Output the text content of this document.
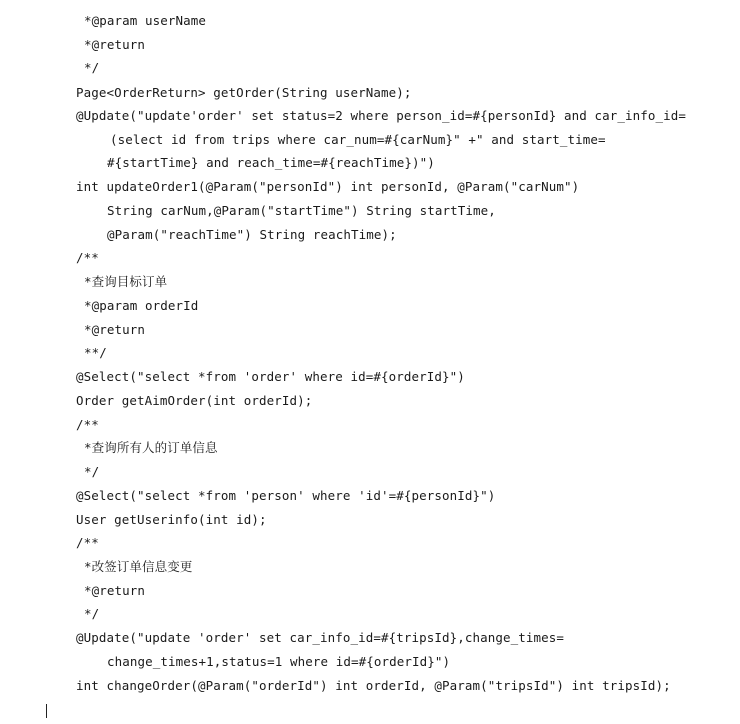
*@param userName
*@return
*/
Page<OrderReturn> getOrder(String userName);
@Update("update'order' set status=2 where person_id=#{personId} and car_info_id=
(select id from trips where car_num=#{carNum}" +" and start_time=
#{startTime} and reach_time=#{reachTime})")
int updateOrder1(@Param("personId") int personId, @Param("carNum")
String carNum,@Param("startTime") String startTime,
@Param("reachTime") String reachTime);
/**
*查询目标订单
*@param orderId
*@return
**/
@Select("select *from 'order' where id=#{orderId}")
Order getAimOrder(int orderId);
/**
*查询所有人的订单信息
*/
@Select("select *from 'person' where 'id'=#{personId}")
User getUserinfo(int id);
/**
*改签订单信息变更
*@return
*/
@Update("update 'order' set car_info_id=#{tripsId},change_times=
change_times+1,status=1 where id=#{orderId}")
int changeOrder(@Param("orderId") int orderId, @Param("tripsId") int tripsId);
